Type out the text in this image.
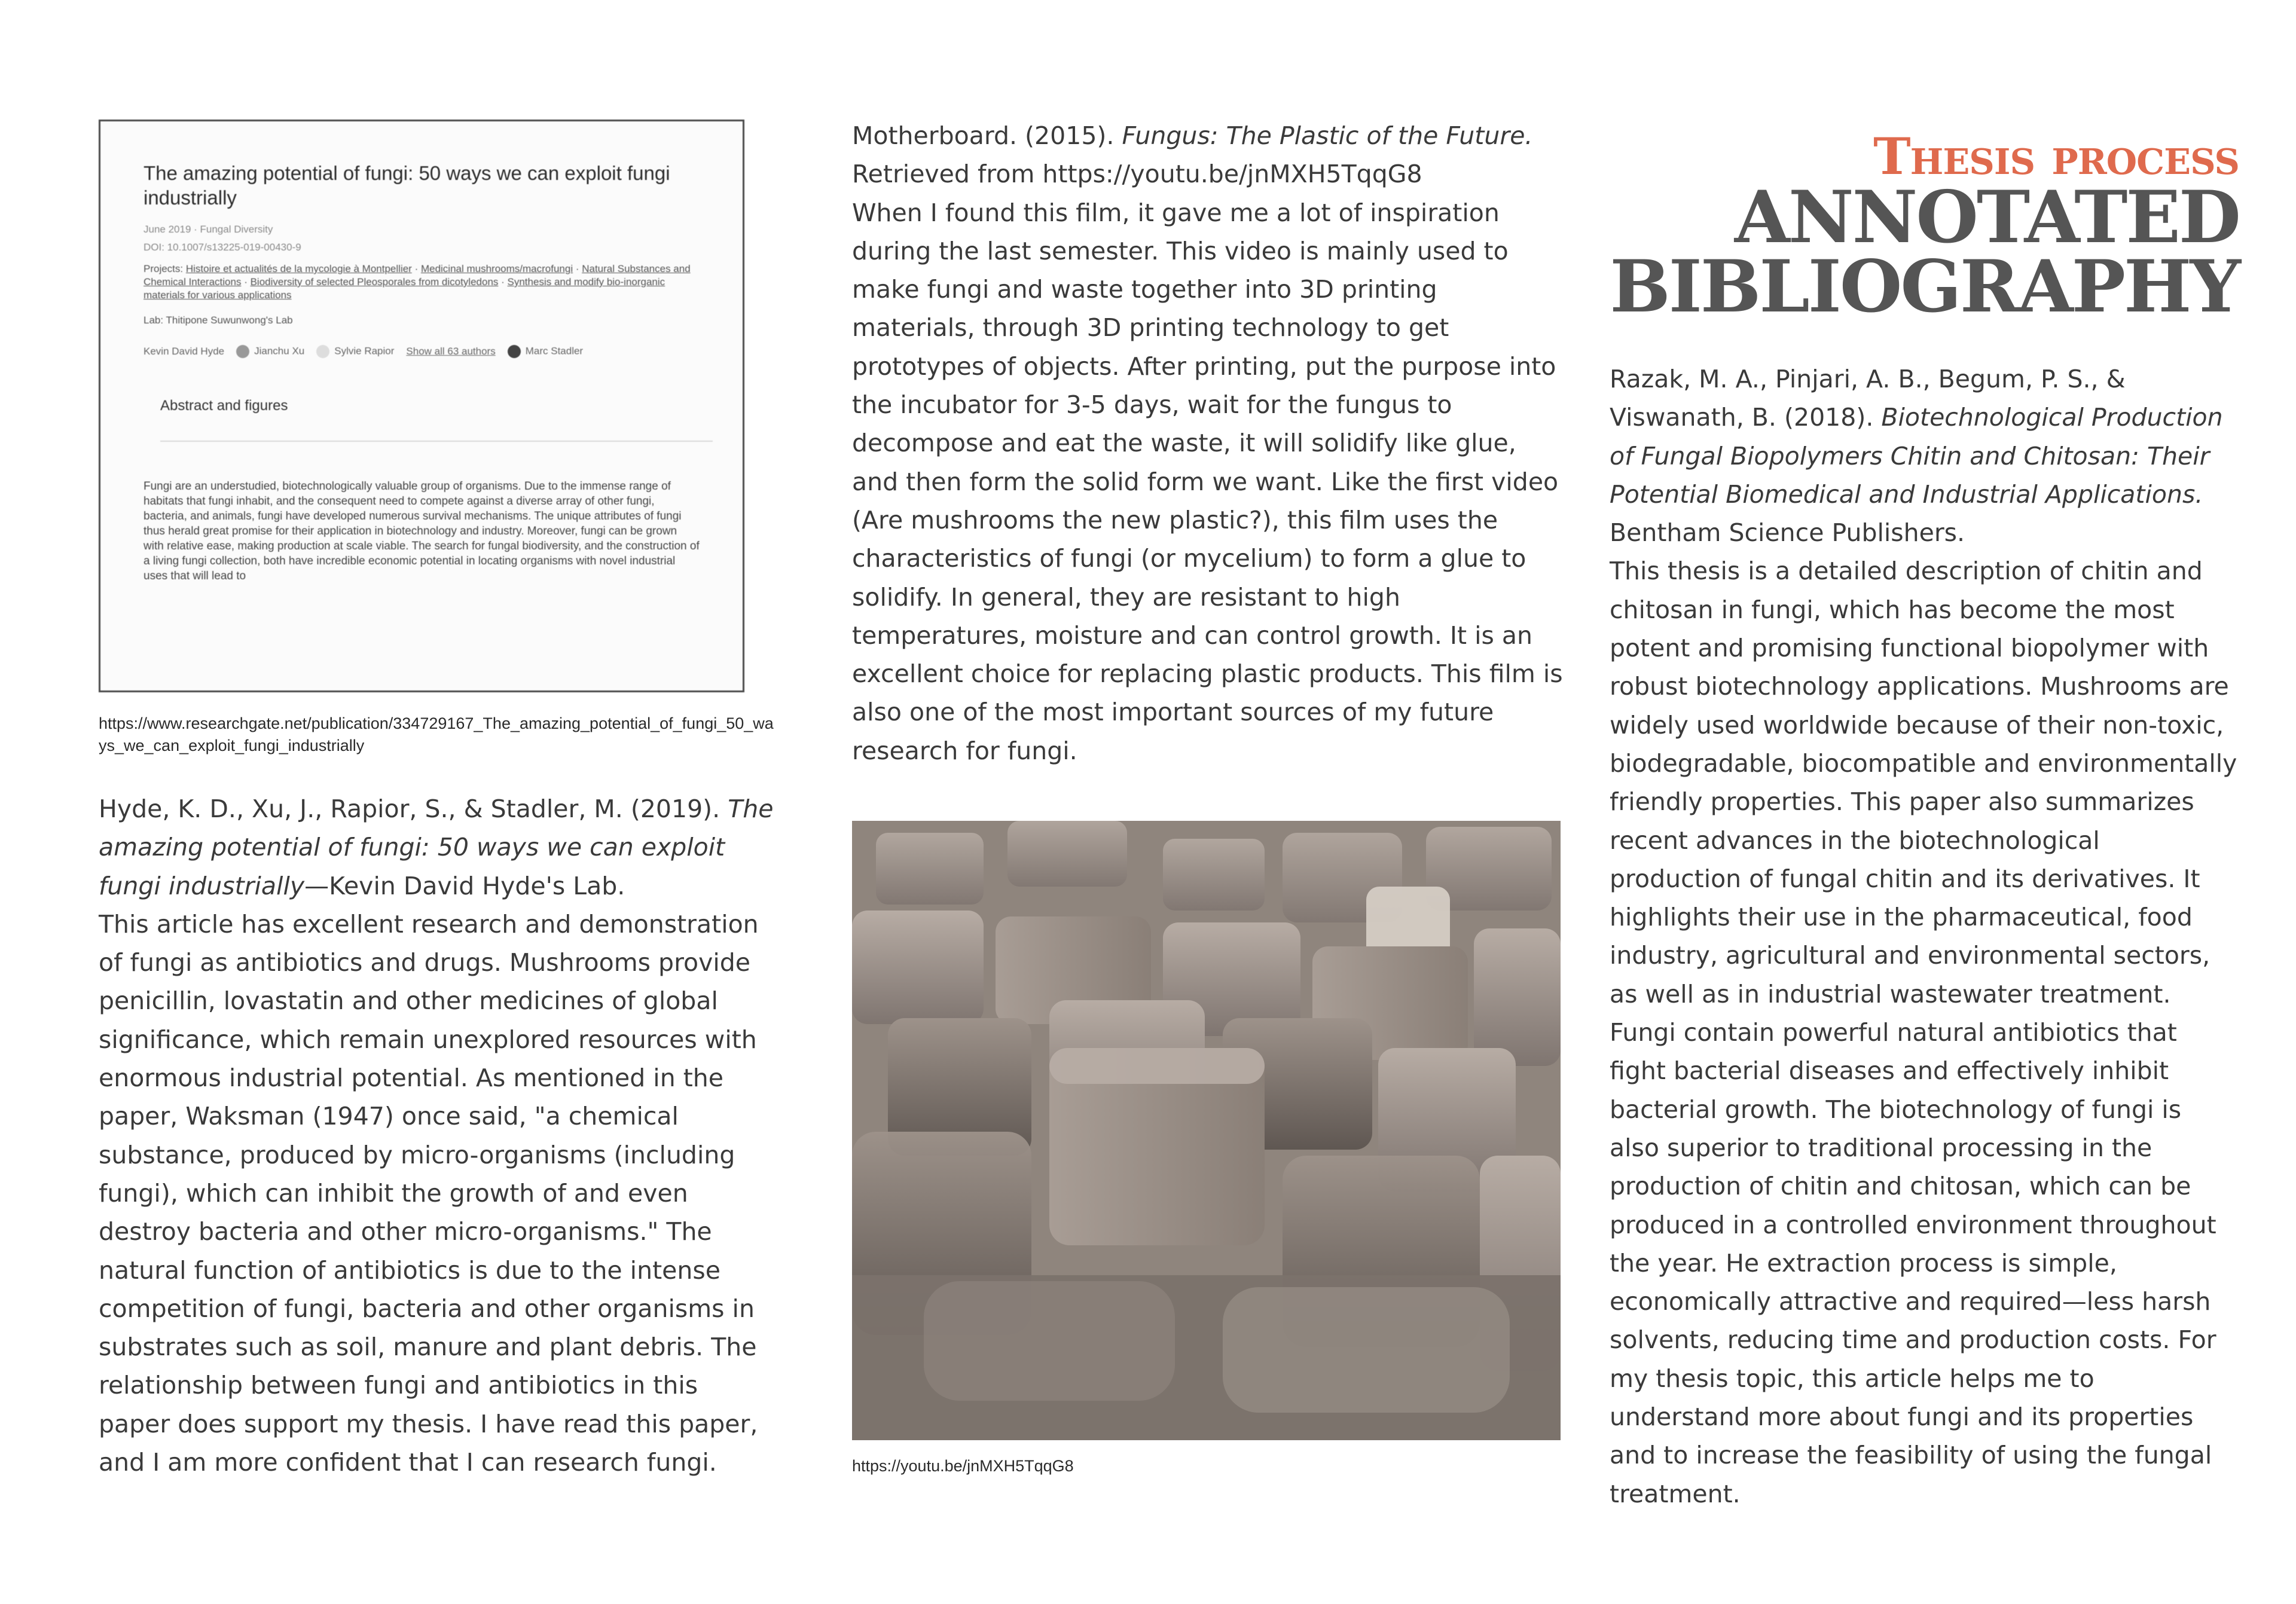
Thesis process
ANNOTATED
BIBLIOGRAPHY
The amazing potential of fungi: 50 ways we can exploit fungi industrially
June 2019 · Fungal Diversity
DOI: 10.1007/s13225-019-00430-9
Projects: Histoire et actualités de la mycologie à Montpellier · Medicinal mushrooms/macrofungi · Natural Substances and Chemical Interactions · Biodiversity of selected Pleosporales from dicotyledons · Synthesis and modify bio-inorganic materials for various applications
Lab: Thitipone Suwunwong's Lab
Kevin David Hyde	Jianchu Xu	Sylvie Rapior Show all 63 authors	Marc Stadler
Abstract and figures
Fungi are an understudied, biotechnologically valuable group of organisms. Due to the immense range of habitats that fungi inhabit, and the consequent need to compete against a diverse array of other fungi, bacteria, and animals, fungi have developed numerous survival mechanisms. The unique attributes of fungi thus herald great promise for their application in biotechnology and industry. Moreover, fungi can be grown with relative ease, making production at scale viable. The search for fungal biodiversity, and the construction of a living fungi collection, both have incredible economic potential in locating organisms with novel industrial uses that will lead to
https://www.researchgate.net/publication/334729167_The_amazing_potential_of_fungi_50_ways_we_can_exploit_fungi_industrially

Hyde, K. D., Xu, J., Rapior, S., & Stadler, M. (2019). The amazing potential of fungi: 50 ways we can exploit fungi industrially—Kevin David Hyde's Lab.

This article has excellent research and demonstration of fungi as antibiotics and drugs. Mushrooms provide penicillin, lovastatin and other medicines of global significance, which remain unexplored resources with enormous industrial potential. As mentioned in the paper, Waksman (1947) once said, "a chemical substance, produced by micro-organisms (including fungi), which can inhibit the growth of and even destroy bacteria and other micro-organisms." The natural function of antibiotics is due to the intense competition of fungi, bacteria and other organisms in substrates such as soil, manure and plant debris. The relationship between fungi and antibiotics in this paper does support my thesis. I have read this paper, and I am more confident that I can research fungi.

Motherboard. (2015). Fungus: The Plastic of the Future.

Retrieved from https://youtu.be/jnMXH5TqqG8

When I found this film, it gave me a lot of inspiration during the last semester. This video is mainly used to make fungi and waste together into 3D printing materials, through 3D printing technology to get prototypes of objects. After printing, put the purpose into the incubator for 3-5 days, wait for the fungus to decompose and eat the waste, it will solidify like glue, and then form the solid form we want. Like the first video (Are mushrooms the new plastic?), this film uses the characteristics of fungi (or mycelium) to form a glue to solidify. In general, they are resistant to high temperatures, moisture and can control growth. It is an excellent choice for replacing plastic products. This film is also one of the most important sources of my future research for fungi.

https://youtu.be/jnMXH5TqqG8

Razak, M. A., Pinjari, A. B., Begum, P. S., & Viswanath, B. (2018). Biotechnological Production of Fungal Biopolymers Chitin and Chitosan: Their Potential Biomedical and Industrial Applications. Bentham Science Publishers.

This thesis is a detailed description of chitin and chitosan in fungi, which has become the most potent and promising functional biopolymer with robust biotechnology applications. Mushrooms are widely used worldwide because of their non-toxic, biodegradable, biocompatible and environmentally friendly properties. This paper also summarizes recent advances in the biotechnological production of fungal chitin and its derivatives. It highlights their use in the pharmaceutical, food industry, agricultural and environmental sectors, as well as in industrial wastewater treatment. Fungi contain powerful natural antibiotics that fight bacterial diseases and effectively inhibit bacterial growth. The biotechnology of fungi is also superior to traditional processing in the production of chitin and chitosan, which can be produced in a controlled environment throughout the year. He extraction process is simple, economically attractive and required—less harsh solvents, reducing time and production costs. For my thesis topic, this article helps me to understand more about fungi and its properties and to increase the feasibility of using the fungal treatment.
